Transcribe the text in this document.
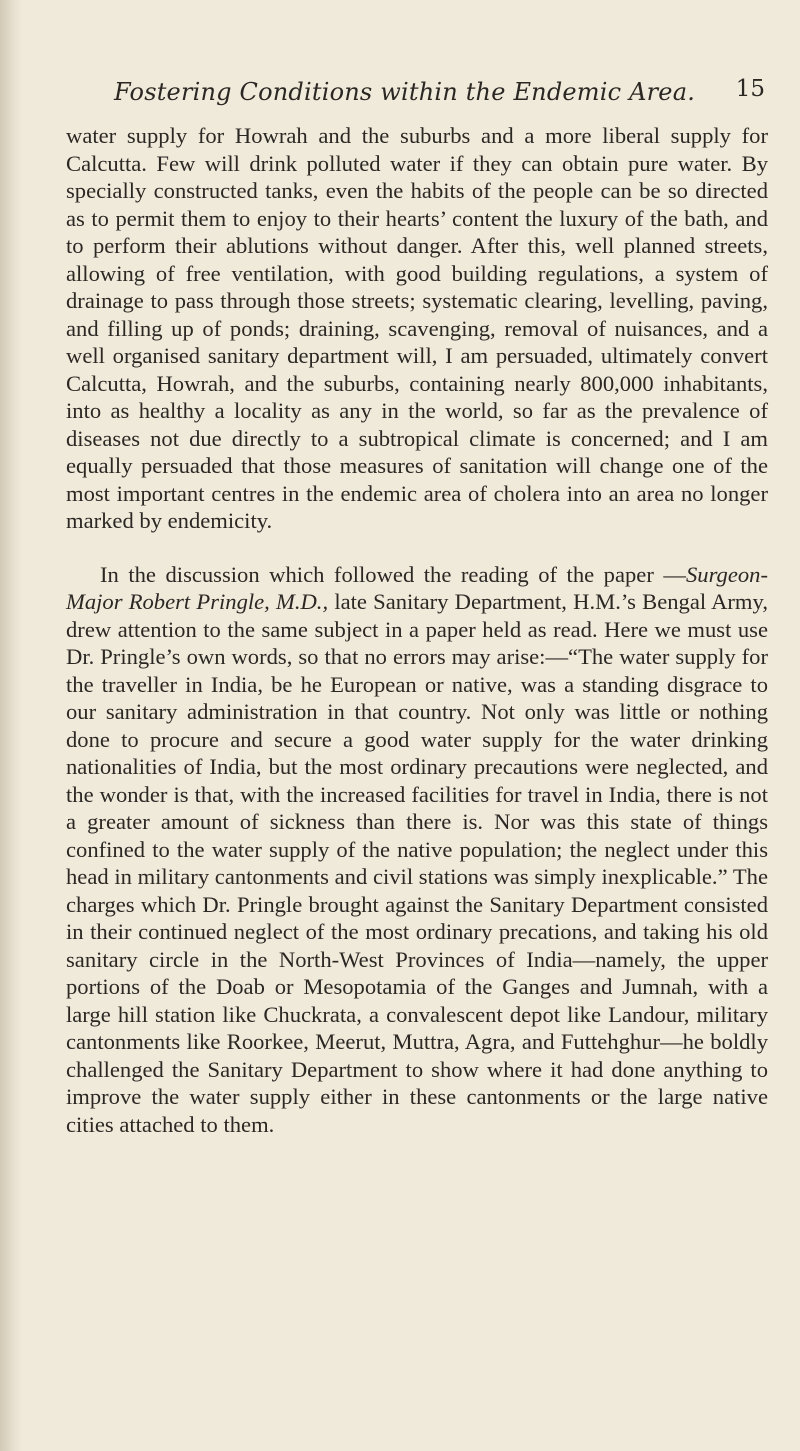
Fostering Conditions within the Endemic Area. 15

water supply for Howrah and the suburbs and a more liberal supply for Calcutta. Few will drink polluted water if they can obtain pure water. By specially constructed tanks, even the habits of the people can be so directed as to permit them to enjoy to their hearts’ content the luxury of the bath, and to perform their ablutions without danger. After this, well planned streets, allowing of free ventilation, with good building regulations, a system of drainage to pass through those streets; systematic clearing, levelling, paving, and filling up of ponds; draining, scavenging, removal of nuisances, and a well organised sanitary department will, I am persuaded, ultimately convert Calcutta, Howrah, and the suburbs, containing nearly 800,000 inhabitants, into as healthy a locality as any in the world, so far as the prevalence of diseases not due directly to a subtropical climate is concerned; and I am equally persuaded that those measures of sanitation will change one of the most important centres in the endemic area of cholera into an area no longer marked by endemicity.

In the discussion which followed the reading of the paper —Surgeon-Major Robert Pringle, M.D., late Sanitary Department, H.M.’s Bengal Army, drew attention to the same subject in a paper held as read. Here we must use Dr. Pringle’s own words, so that no errors may arise:—“The water supply for the traveller in India, be he European or native, was a standing disgrace to our sanitary administration in that country. Not only was little or nothing done to procure and secure a good water supply for the water drinking nationalities of India, but the most ordinary precautions were neglected, and the wonder is that, with the increased facilities for travel in India, there is not a greater amount of sickness than there is. Nor was this state of things confined to the water supply of the native population; the neglect under this head in military cantonments and civil stations was simply inexplicable.” The charges which Dr. Pringle brought against the Sanitary Department consisted in their continued neglect of the most ordinary precations, and taking his old sanitary circle in the North-West Provinces of India—namely, the upper portions of the Doab or Mesopotamia of the Ganges and Jumnah, with a large hill station like Chuckrata, a convalescent depot like Landour, military cantonments like Roorkee, Meerut, Muttra, Agra, and Futtehghur—he boldly challenged the Sanitary Department to show where it had done anything to improve the water supply either in these cantonments or the large native cities attached to them.
